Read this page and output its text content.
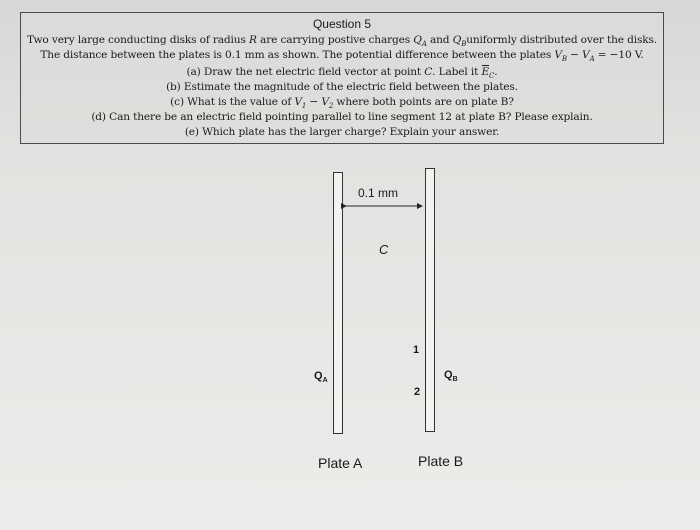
Question 5
Two very large conducting disks of radius R are carrying postive charges $Q_A$ and $Q_Buniformly$ distributed over the disks.
The distance between the plates is 0.1 mm as shown. The potential difference between the plates $V_B - V_A = -10$ V.
(a) Draw the net electric field vector at point C. Label it $E_C$.
(b) Estimate the magnitude of the electric field between the plates.
(c) What is the value of $V_1 - V_2$ where both points are on plate B?
(d) Can there be an electric field pointing parallel to line segment 12 at plate B? Please explain.
(e) Which plate has the larger charge? Explain your answer.
0.1 mm
C
1
2
$Q_A$	$Q_B$
Plate A	Plate B
